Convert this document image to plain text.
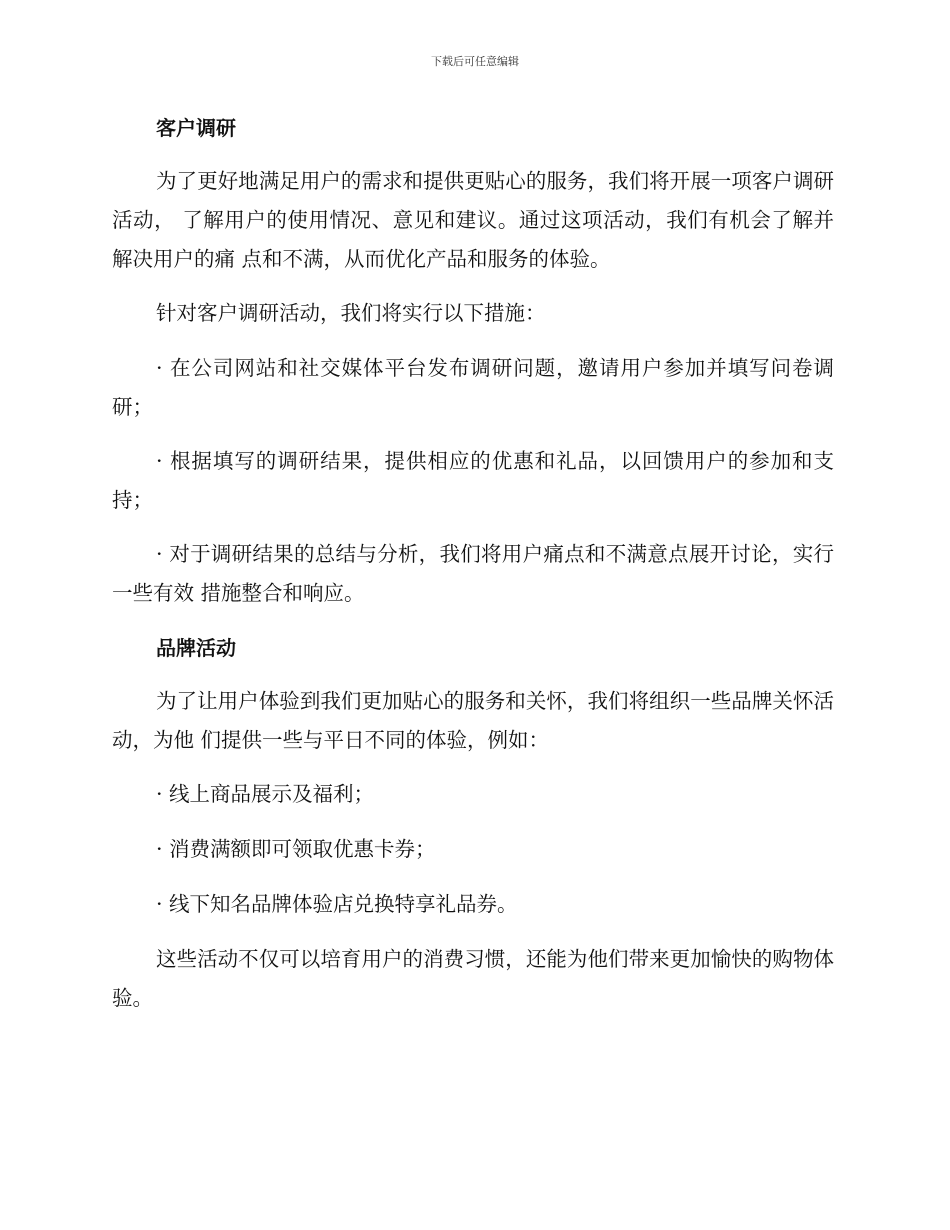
下载后可任意编辑
客户调研

为了更好地满足用户的需求和提供更贴心的服务，我们将开展一项客户调研活动， 了解用户的使用情况、意见和建议。通过这项活动，我们有机会了解并解决用户的痛 点和不满，从而优化产品和服务的体验。

针对客户调研活动，我们将实行以下措施：

· 在公司网站和社交媒体平台发布调研问题，邀请用户参加并填写问卷调研；

· 根据填写的调研结果，提供相应的优惠和礼品，以回馈用户的参加和支持；

· 对于调研结果的总结与分析，我们将用户痛点和不满意点展开讨论，实行一些有效 措施整合和响应。

品牌活动

为了让用户体验到我们更加贴心的服务和关怀，我们将组织一些品牌关怀活动，为他 们提供一些与平日不同的体验，例如：

· 线上商品展示及福利；

· 消费满额即可领取优惠卡券；

· 线下知名品牌体验店兑换特享礼品券。

这些活动不仅可以培育用户的消费习惯，还能为他们带来更加愉快的购物体验。
